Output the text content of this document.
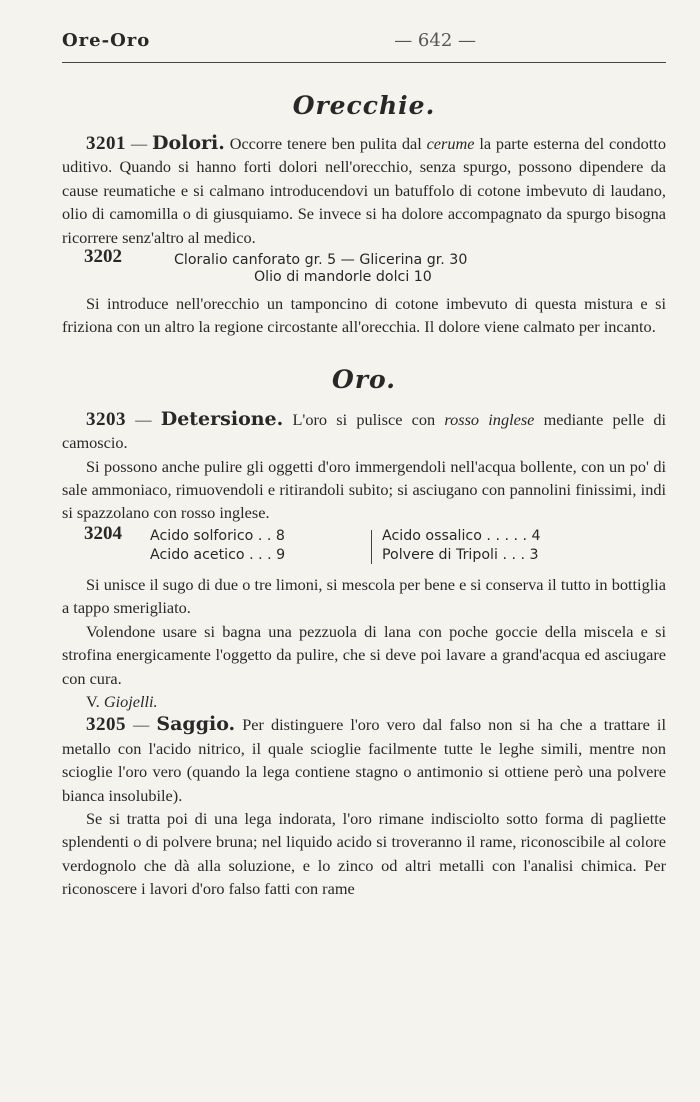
Ore-Oro	— 642 —
Orecchie.

3201 — Dolori. Occorre tenere ben pulita dal cerume la parte esterna del condotto uditivo. Quando si hanno forti dolori nell'orecchio, senza spurgo, possono dipendere da cause reumatiche e si calmano introducendovi un batuffolo di cotone imbevuto di laudano, olio di camomilla o di giusquiamo. Se invece si ha dolore accompagnato da spurgo bisogna ricorrere senz'altro al medico.

3202	Cloralio canforato gr. 5 — Glicerina gr. 30
Olio di mandorle dolci 10

Si introduce nell'orecchio un tamponcino di cotone imbevuto di questa mistura e si friziona con un altro la regione circostante all'orecchia. Il dolore viene calmato per incanto.

Oro.

3203 — Detersione. L'oro si pulisce con rosso inglese mediante pelle di camoscio.

Si possono anche pulire gli oggetti d'oro immergendoli nell'acqua bollente, con un po' di sale ammoniaco, rimuovendoli e ritirandoli subito; si asciugano con pannolini finissimi, indi si spazzolano con rosso inglese.

3204 Acido solforico . . 8
Acido acetico . . . 9
Acido ossalico . . . . . 4
Polvere di Tripoli . . . 3

Si unisce il sugo di due o tre limoni, si mescola per bene e si conserva il tutto in bottiglia a tappo smerigliato.

Volendone usare si bagna una pezzuola di lana con poche goccie della miscela e si strofina energicamente l'oggetto da pulire, che si deve poi lavare a grand'acqua ed asciugare con cura.

V. Giojelli.

3205 — Saggio. Per distinguere l'oro vero dal falso non si ha che a trattare il metallo con l'acido nitrico, il quale scioglie facilmente tutte le leghe simili, mentre non scioglie l'oro vero (quando la lega contiene stagno o antimonio si ottiene però una polvere bianca insolubile).

Se si tratta poi di una lega indorata, l'oro rimane indisciolto sotto forma di pagliette splendenti o di polvere bruna; nel liquido acido si troveranno il rame, riconoscibile al colore verdognolo che dà alla soluzione, e lo zinco od altri metalli con l'analisi chimica. Per riconoscere i lavori d'oro falso fatti con rame
